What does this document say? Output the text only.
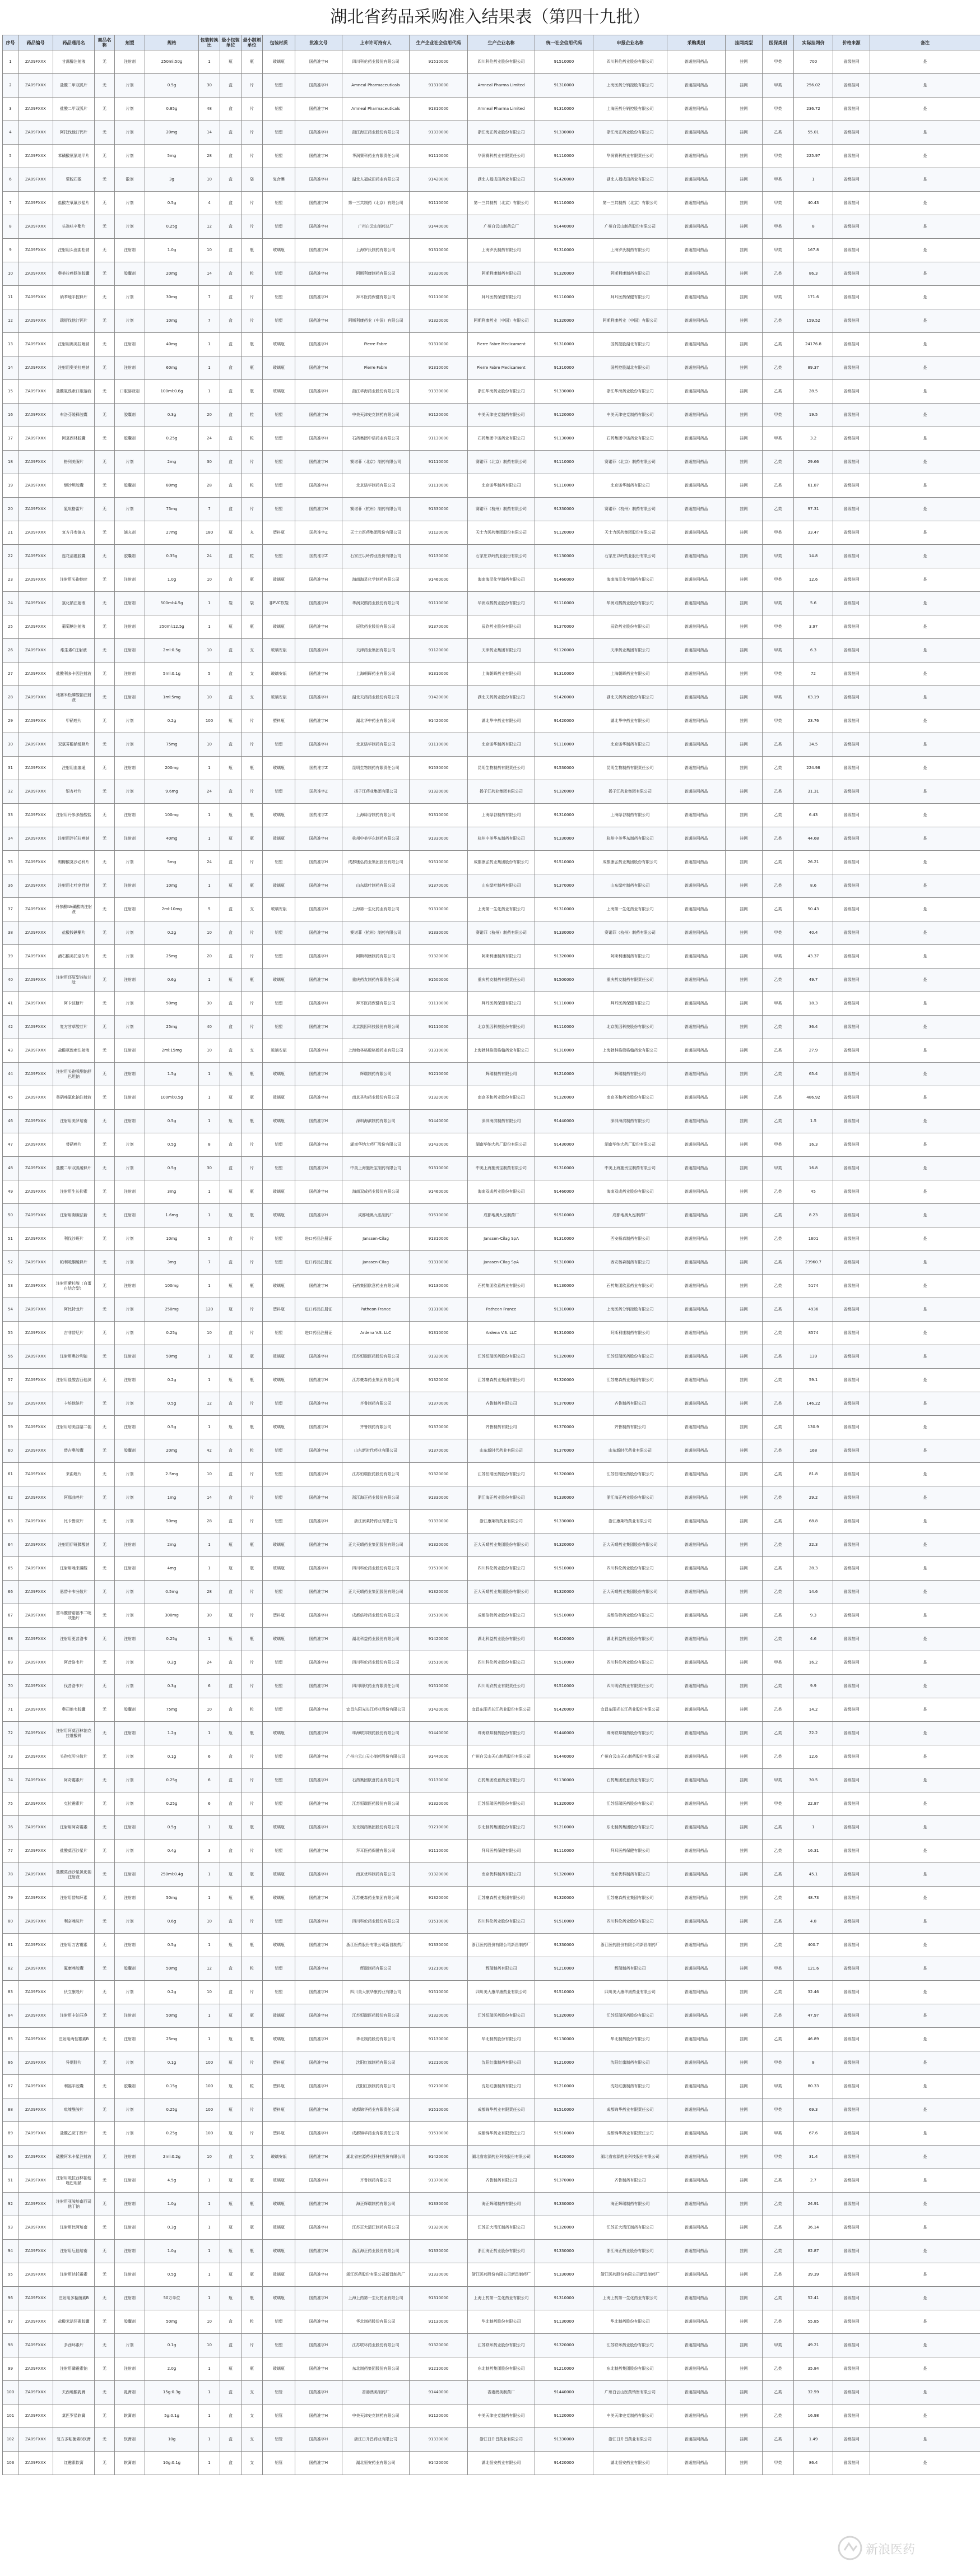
湖北省药品采购准入结果表（第四十九批）
序号	药品编号	药品通用名	商品名称	剂型	规格	包装转换比	最小包装单位	最小制剂单位	包装材质	批准文号	上市许可持有人	生产企业社会信用代码	生产企业名称	统一社会信用代码	申报企业名称	采购类别	挂网类型	医保类别	实际挂网价	价格来源	备注
1	ZA09FXXX	甘露醇注射液	无	注射剂	250ml:50g	1	瓶	瓶	玻璃瓶	国药准字H	四川科伦药业股份有限公司	91510000	四川科伦药业股份有限公司	91510000	四川科伦药业股份有限公司	普通挂网药品	挂网	甲类	700	省级挂网	是
2	ZA09FXXX	盐酸二甲双胍片	无	片剂	0.5g	30	盒	片	铝塑	国药准字H	Amneal Pharmaceuticals	91310000	Amneal Pharma Limited	91310000	上海医药分销控股有限公司	普通挂网药品	挂网	甲类	256.02	省级挂网	是
3	ZA09FXXX	盐酸二甲双胍片	无	片剂	0.85g	48	盒	片	铝塑	国药准字H	Amneal Pharmaceuticals	91310000	Amneal Pharma Limited	91310000	上海医药分销控股有限公司	普通挂网药品	挂网	甲类	236.72	省级挂网	是
4	ZA09FXXX	阿托伐他汀钙片	无	片剂	20mg	14	盒	片	铝塑	国药准字H	浙江海正药业股份有限公司	91330000	浙江海正药业股份有限公司	91330000	浙江海正药业股份有限公司	普通挂网药品	挂网	乙类	55.01	省级挂网	是
5	ZA09FXXX	苯磺酸氨氯地平片	无	片剂	5mg	28	盒	片	铝塑	国药准字H	华润赛科药业有限责任公司	91110000	华润赛科药业有限责任公司	91110000	华润赛科药业有限责任公司	普通挂网药品	挂网	甲类	225.97	省级挂网	是
6	ZA09FXXX	蒙脱石散	无	散剂	3g	10	盒	袋	复合膜	国药准字H	湖北人福成田药业有限公司	91420000	湖北人福成田药业有限公司	91420000	湖北人福成田药业有限公司	普通挂网药品	挂网	甲类	1	省级挂网	是
7	ZA09FXXX	盐酸左氧氟沙星片	无	片剂	0.5g	4	盒	片	铝塑	国药准字H	第一三共制药（北京）有限公司	91110000	第一三共制药（北京）有限公司	91110000	第一三共制药（北京）有限公司	普通挂网药品	挂网	甲类	40.43	省级挂网	是
8	ZA09FXXX	头孢呋辛酯片	无	片剂	0.25g	12	盒	片	铝塑	国药准字H	广州白云山制药总厂	91440000	广州白云山制药总厂	91440000	广州白云山制药股份有限公司	普通挂网药品	挂网	甲类	8	省级挂网	是
9	ZA09FXXX	注射用头孢曲松钠	无	注射剂	1.0g	10	盒	瓶	玻璃瓶	国药准字H	上海罗氏制药有限公司	91310000	上海罗氏制药有限公司	91310000	上海罗氏制药有限公司	普通挂网药品	挂网	甲类	167.8	省级挂网	是
10	ZA09FXXX	奥美拉唑肠溶胶囊	无	胶囊剂	20mg	14	盒	粒	铝塑	国药准字H	阿斯利康制药有限公司	91320000	阿斯利康制药有限公司	91320000	阿斯利康制药有限公司	普通挂网药品	挂网	乙类	86.3	省级挂网	是
11	ZA09FXXX	硝苯地平控释片	无	片剂	30mg	7	盒	片	铝塑	国药准字H	拜耳医药保健有限公司	91110000	拜耳医药保健有限公司	91110000	拜耳医药保健有限公司	普通挂网药品	挂网	甲类	171.6	省级挂网	是
12	ZA09FXXX	瑞舒伐他汀钙片	无	片剂	10mg	7	盒	片	铝塑	国药准字H	阿斯利康药业（中国）有限公司	91320000	阿斯利康药业（中国）有限公司	91320000	阿斯利康药业（中国）有限公司	普通挂网药品	挂网	乙类	159.52	省级挂网	是
13	ZA09FXXX	注射用奥美拉唑钠	无	注射剂	40mg	1	盒	瓶	玻璃瓶	国药准字H	Pierre Fabre	91310000	Pierre Fabre Medicament	91310000	国药控股湖北有限公司	普通挂网药品	挂网	乙类	24176.8	省级挂网	是
14	ZA09FXXX	注射用奥美拉唑钠	无	注射剂	60mg	1	盒	瓶	玻璃瓶	国药准字H	Pierre Fabre	91310000	Pierre Fabre Medicament	91310000	国药控股湖北有限公司	普通挂网药品	挂网	乙类	89.37	省级挂网	是
15	ZA09FXXX	盐酸氨溴索口服溶液	无	口服溶液剂	100ml:0.6g	1	盒	瓶	玻璃瓶	国药准字H	浙江华海药业股份有限公司	91330000	浙江华海药业股份有限公司	91330000	浙江华海药业股份有限公司	普通挂网药品	挂网	乙类	28.5	省级挂网	是
16	ZA09FXXX	布洛芬缓释胶囊	无	胶囊剂	0.3g	20	盒	粒	铝塑	国药准字H	中美天津史克制药有限公司	91120000	中美天津史克制药有限公司	91120000	中美天津史克制药有限公司	普通挂网药品	挂网	甲类	19.5	省级挂网	是
17	ZA09FXXX	阿莫西林胶囊	无	胶囊剂	0.25g	24	盒	粒	铝塑	国药准字H	石药集团中诺药业有限公司	91130000	石药集团中诺药业有限公司	91130000	石药集团中诺药业有限公司	普通挂网药品	挂网	甲类	3.2	省级挂网	是
18	ZA09FXXX	格列美脲片	无	片剂	2mg	30	盒	片	铝塑	国药准字H	赛诺菲（北京）制药有限公司	91110000	赛诺菲（北京）制药有限公司	91110000	赛诺菲（北京）制药有限公司	普通挂网药品	挂网	乙类	29.66	省级挂网	是
19	ZA09FXXX	缬沙坦胶囊	无	胶囊剂	80mg	28	盒	粒	铝塑	国药准字H	北京诺华制药有限公司	91110000	北京诺华制药有限公司	91110000	北京诺华制药有限公司	普通挂网药品	挂网	乙类	61.87	省级挂网	是
20	ZA09FXXX	氯吡格雷片	无	片剂	75mg	7	盒	片	铝塑	国药准字H	赛诺菲（杭州）制药有限公司	91330000	赛诺菲（杭州）制药有限公司	91330000	赛诺菲（杭州）制药有限公司	普通挂网药品	挂网	乙类	97.31	省级挂网	是
21	ZA09FXXX	复方丹参滴丸	无	滴丸剂	27mg	180	瓶	丸	塑料瓶	国药准字Z	天士力医药集团股份有限公司	91120000	天士力医药集团股份有限公司	91120000	天士力医药集团股份有限公司	普通挂网药品	挂网	甲类	33.47	省级挂网	是
22	ZA09FXXX	连花清瘟胶囊	无	胶囊剂	0.35g	24	盒	粒	铝塑	国药准字Z	石家庄以岭药业股份有限公司	91130000	石家庄以岭药业股份有限公司	91130000	石家庄以岭药业股份有限公司	普通挂网药品	挂网	甲类	14.8	省级挂网	是
23	ZA09FXXX	注射用头孢他啶	无	注射剂	1.0g	10	盒	瓶	玻璃瓶	国药准字H	海南海灵化学制药有限公司	91460000	海南海灵化学制药有限公司	91460000	海南海灵化学制药有限公司	普通挂网药品	挂网	甲类	12.6	省级挂网	是
24	ZA09FXXX	氯化钠注射液	无	注射剂	500ml:4.5g	1	袋	袋	非PVC软袋	国药准字H	华润双鹤药业股份有限公司	91110000	华润双鹤药业股份有限公司	91110000	华润双鹤药业股份有限公司	普通挂网药品	挂网	甲类	5.6	省级挂网	是
25	ZA09FXXX	葡萄糖注射液	无	注射剂	250ml:12.5g	1	瓶	瓶	玻璃瓶	国药准字H	辰欣药业股份有限公司	91370000	辰欣药业股份有限公司	91370000	辰欣药业股份有限公司	普通挂网药品	挂网	甲类	3.97	省级挂网	是
26	ZA09FXXX	维生素C注射液	无	注射剂	2ml:0.5g	10	盒	支	玻璃安瓿	国药准字H	天津药业集团有限公司	91120000	天津药业集团有限公司	91120000	天津药业集团有限公司	普通挂网药品	挂网	甲类	6.3	省级挂网	是
27	ZA09FXXX	盐酸利多卡因注射液	无	注射剂	5ml:0.1g	5	盒	支	玻璃安瓿	国药准字H	上海朝晖药业有限公司	91310000	上海朝晖药业有限公司	91310000	上海朝晖药业有限公司	普通挂网药品	挂网	甲类	72	省级挂网	是
28	ZA09FXXX	地塞米松磷酸钠注射液	无	注射剂	1ml:5mg	10	盒	支	玻璃安瓿	国药准字H	湖北天药药业股份有限公司	91420000	湖北天药药业股份有限公司	91420000	湖北天药药业股份有限公司	普通挂网药品	挂网	甲类	63.19	省级挂网	是
29	ZA09FXXX	甲硝唑片	无	片剂	0.2g	100	瓶	片	塑料瓶	国药准字H	湖北华中药业有限公司	91420000	湖北华中药业有限公司	91420000	湖北华中药业有限公司	普通挂网药品	挂网	甲类	23.76	省级挂网	是
30	ZA09FXXX	双氯芬酸钠缓释片	无	片剂	75mg	10	盒	片	铝塑	国药准字H	北京诺华制药有限公司	91110000	北京诺华制药有限公司	91110000	北京诺华制药有限公司	普通挂网药品	挂网	乙类	34.5	省级挂网	是
31	ZA09FXXX	注射用血塞通	无	注射剂	200mg	1	瓶	瓶	玻璃瓶	国药准字Z	昆明生物制药有限责任公司	91530000	昆明生物制药有限责任公司	91530000	昆明生物制药有限责任公司	普通挂网药品	挂网	乙类	224.98	省级挂网	是
32	ZA09FXXX	银杏叶片	无	片剂	9.6mg	24	盒	片	铝塑	国药准字Z	扬子江药业集团有限公司	91320000	扬子江药业集团有限公司	91320000	扬子江药业集团有限公司	普通挂网药品	挂网	乙类	31.31	省级挂网	是
33	ZA09FXXX	注射用丹参多酚酸盐	无	注射剂	100mg	1	瓶	瓶	玻璃瓶	国药准字Z	上海绿谷制药有限公司	91310000	上海绿谷制药有限公司	91310000	上海绿谷制药有限公司	普通挂网药品	挂网	乙类	6.43	省级挂网	是
34	ZA09FXXX	注射用泮托拉唑钠	无	注射剂	40mg	1	瓶	瓶	玻璃瓶	国药准字H	杭州中美华东制药有限公司	91330000	杭州中美华东制药有限公司	91330000	杭州中美华东制药有限公司	普通挂网药品	挂网	乙类	44.68	省级挂网	是
35	ZA09FXXX	枸橼酸莫沙必利片	无	片剂	5mg	24	盒	片	铝塑	国药准字H	成都康弘药业集团股份有限公司	91510000	成都康弘药业集团股份有限公司	91510000	成都康弘药业集团股份有限公司	普通挂网药品	挂网	乙类	26.21	省级挂网	是
36	ZA09FXXX	注射用七叶皂苷钠	无	注射剂	10mg	1	瓶	瓶	玻璃瓶	国药准字H	山东绿叶制药有限公司	91370000	山东绿叶制药有限公司	91370000	山东绿叶制药有限公司	普通挂网药品	挂网	乙类	8.6	省级挂网	是
37	ZA09FXXX	丹参酮IIA磺酸钠注射液	无	注射剂	2ml:10mg	5	盒	支	玻璃安瓿	国药准字H	上海第一生化药业有限公司	91310000	上海第一生化药业有限公司	91310000	上海第一生化药业有限公司	普通挂网药品	挂网	乙类	50.43	省级挂网	是
38	ZA09FXXX	盐酸胺碘酮片	无	片剂	0.2g	10	盒	片	铝塑	国药准字H	赛诺菲（杭州）制药有限公司	91330000	赛诺菲（杭州）制药有限公司	91330000	赛诺菲（杭州）制药有限公司	普通挂网药品	挂网	甲类	40.4	省级挂网	是
39	ZA09FXXX	酒石酸美托洛尔片	无	片剂	25mg	20	盒	片	铝塑	国药准字H	阿斯利康制药有限公司	91320000	阿斯利康制药有限公司	91320000	阿斯利康制药有限公司	普通挂网药品	挂网	甲类	43.37	省级挂网	是
40	ZA09FXXX	注射用还原型谷胱甘肽	无	注射剂	0.6g	1	瓶	瓶	玻璃瓶	国药准字H	重庆药友制药有限责任公司	91500000	重庆药友制药有限责任公司	91500000	重庆药友制药有限责任公司	普通挂网药品	挂网	乙类	49.7	省级挂网	是
41	ZA09FXXX	阿卡波糖片	无	片剂	50mg	30	盒	片	铝塑	国药准字H	拜耳医药保健有限公司	91110000	拜耳医药保健有限公司	91110000	拜耳医药保健有限公司	普通挂网药品	挂网	甲类	18.3	省级挂网	是
42	ZA09FXXX	复方甘草酸苷片	无	片剂	25mg	40	盒	片	铝塑	国药准字H	北京凯因科技股份有限公司	91110000	北京凯因科技股份有限公司	91110000	北京凯因科技股份有限公司	普通挂网药品	挂网	乙类	36.4	省级挂网	是
43	ZA09FXXX	盐酸氨溴索注射液	无	注射剂	2ml:15mg	10	盒	支	玻璃安瓿	国药准字H	上海勃林格殷格翰药业有限公司	91310000	上海勃林格殷格翰药业有限公司	91310000	上海勃林格殷格翰药业有限公司	普通挂网药品	挂网	乙类	27.9	省级挂网	是
44	ZA09FXXX	注射用头孢哌酮钠舒巴坦钠	无	注射剂	1.5g	1	瓶	瓶	玻璃瓶	国药准字H	辉瑞制药有限公司	91210000	辉瑞制药有限公司	91210000	辉瑞制药有限公司	普通挂网药品	挂网	乙类	65.4	省级挂网	是
45	ZA09FXXX	奥硝唑氯化钠注射液	无	注射剂	100ml:0.5g	1	瓶	瓶	玻璃瓶	国药准字H	南京圣和药业股份有限公司	91320000	南京圣和药业股份有限公司	91320000	南京圣和药业股份有限公司	普通挂网药品	挂网	乙类	486.92	省级挂网	是
46	ZA09FXXX	注射用美罗培南	无	注射剂	0.5g	1	瓶	瓶	玻璃瓶	国药准字H	深圳海滨制药有限公司	91440000	深圳海滨制药有限公司	91440000	深圳海滨制药有限公司	普通挂网药品	挂网	乙类	1.5	省级挂网	是
47	ZA09FXXX	替硝唑片	无	片剂	0.5g	8	盒	片	铝塑	国药准字H	湖南华纳大药厂股份有限公司	91430000	湖南华纳大药厂股份有限公司	91430000	湖南华纳大药厂股份有限公司	普通挂网药品	挂网	甲类	16.3	省级挂网	是
48	ZA09FXXX	盐酸二甲双胍缓释片	无	片剂	0.5g	30	盒	片	铝塑	国药准字H	中美上海施贵宝制药有限公司	91310000	中美上海施贵宝制药有限公司	91310000	中美上海施贵宝制药有限公司	普通挂网药品	挂网	甲类	16.8	省级挂网	是
49	ZA09FXXX	注射用生长抑素	无	注射剂	3mg	1	瓶	瓶	玻璃瓶	国药准字H	海南双成药业股份有限公司	91460000	海南双成药业股份有限公司	91460000	海南双成药业股份有限公司	普通挂网药品	挂网	乙类	45	省级挂网	是
50	ZA09FXXX	注射用胸腺法新	无	注射剂	1.6mg	1	瓶	瓶	玻璃瓶	国药准字H	成都地奥九泓制药厂	91510000	成都地奥九泓制药厂	91510000	成都地奥九泓制药厂	普通挂网药品	挂网	乙类	8.23	省级挂网	是
51	ZA09FXXX	利伐沙班片	无	片剂	10mg	5	盒	片	铝塑	进口药品注册证	Janssen-Cilag	91310000	Janssen-Cilag SpA	91310000	西安杨森制药有限公司	普通挂网药品	挂网	乙类	1601	省级挂网	是
52	ZA09FXXX	帕利哌酮缓释片	无	片剂	3mg	7	盒	片	铝塑	进口药品注册证	Janssen-Cilag	91310000	Janssen-Cilag SpA	91310000	西安杨森制药有限公司	普通挂网药品	挂网	乙类	23960.7	省级挂网	是
53	ZA09FXXX	注射用紫杉醇（白蛋白结合型）	无	注射剂	100mg	1	瓶	瓶	玻璃瓶	国药准字H	石药集团欧意药业有限公司	91130000	石药集团欧意药业有限公司	91130000	石药集团欧意药业有限公司	普通挂网药品	挂网	乙类	5174	省级挂网	是
54	ZA09FXXX	阿比特龙片	无	片剂	250mg	120	瓶	片	塑料瓶	进口药品注册证	Patheon France	91310000	Patheon France	91310000	上海医药分销控股有限公司	普通挂网药品	挂网	乙类	4936	省级挂网	是
55	ZA09FXXX	吉非替尼片	无	片剂	0.25g	10	盒	片	铝塑	进口药品注册证	Ardena V.S. LLC	91310000	Ardena V.S. LLC	91310000	阿斯利康制药有限公司	普通挂网药品	挂网	乙类	8574	省级挂网	是
56	ZA09FXXX	注射用奥沙利铂	无	注射剂	50mg	1	瓶	瓶	玻璃瓶	国药准字H	江苏恒瑞医药股份有限公司	91320000	江苏恒瑞医药股份有限公司	91320000	江苏恒瑞医药股份有限公司	普通挂网药品	挂网	乙类	139	省级挂网	是
57	ZA09FXXX	注射用盐酸吉西他滨	无	注射剂	0.2g	1	瓶	瓶	玻璃瓶	国药准字H	江苏豪森药业集团有限公司	91320000	江苏豪森药业集团有限公司	91320000	江苏豪森药业集团有限公司	普通挂网药品	挂网	乙类	59.1	省级挂网	是
58	ZA09FXXX	卡培他滨片	无	片剂	0.5g	12	盒	片	铝塑	国药准字H	齐鲁制药有限公司	91370000	齐鲁制药有限公司	91370000	齐鲁制药有限公司	普通挂网药品	挂网	乙类	146.22	省级挂网	是
59	ZA09FXXX	注射用培美曲塞二钠	无	注射剂	0.5g	1	瓶	瓶	玻璃瓶	国药准字H	齐鲁制药有限公司	91370000	齐鲁制药有限公司	91370000	齐鲁制药有限公司	普通挂网药品	挂网	乙类	130.9	省级挂网	是
60	ZA09FXXX	替吉奥胶囊	无	胶囊剂	20mg	42	盒	粒	铝塑	国药准字H	山东新时代药业有限公司	91370000	山东新时代药业有限公司	91370000	山东新时代药业有限公司	普通挂网药品	挂网	乙类	168	省级挂网	是
61	ZA09FXXX	来曲唑片	无	片剂	2.5mg	10	盒	片	铝塑	国药准字H	江苏恒瑞医药股份有限公司	91320000	江苏恒瑞医药股份有限公司	91320000	江苏恒瑞医药股份有限公司	普通挂网药品	挂网	乙类	81.8	省级挂网	是
62	ZA09FXXX	阿那曲唑片	无	片剂	1mg	14	盒	片	铝塑	国药准字H	浙江海正药业股份有限公司	91330000	浙江海正药业股份有限公司	91330000	浙江海正药业股份有限公司	普通挂网药品	挂网	乙类	29.2	省级挂网	是
63	ZA09FXXX	比卡鲁胺片	无	片剂	50mg	28	盒	片	铝塑	国药准字H	浙江康莱特药业有限公司	91330000	浙江康莱特药业有限公司	91330000	浙江康莱特药业有限公司	普通挂网药品	挂网	乙类	68.8	省级挂网	是
64	ZA09FXXX	注射用伊班膦酸钠	无	注射剂	2mg	1	瓶	瓶	玻璃瓶	国药准字H	正大天晴药业集团股份有限公司	91320000	正大天晴药业集团股份有限公司	91320000	正大天晴药业集团股份有限公司	普通挂网药品	挂网	乙类	22.3	省级挂网	是
65	ZA09FXXX	注射用唑来膦酸	无	注射剂	4mg	1	瓶	瓶	玻璃瓶	国药准字H	四川科伦药业股份有限公司	91510000	四川科伦药业股份有限公司	91510000	四川科伦药业股份有限公司	普通挂网药品	挂网	乙类	28.3	省级挂网	是
66	ZA09FXXX	恩替卡韦分散片	无	片剂	0.5mg	28	盒	片	铝塑	国药准字H	正大天晴药业集团股份有限公司	91320000	正大天晴药业集团股份有限公司	91320000	正大天晴药业集团股份有限公司	普通挂网药品	挂网	乙类	14.6	省级挂网	是
67	ZA09FXXX	富马酸替诺福韦二吡呋酯片	无	片剂	300mg	30	瓶	片	塑料瓶	国药准字H	成都倍特药业股份有限公司	91510000	成都倍特药业股份有限公司	91510000	成都倍特药业股份有限公司	普通挂网药品	挂网	乙类	9.3	省级挂网	是
68	ZA09FXXX	注射用更昔洛韦	无	注射剂	0.25g	1	瓶	瓶	玻璃瓶	国药准字H	湖北科益药业股份有限公司	91420000	湖北科益药业股份有限公司	91420000	湖北科益药业股份有限公司	普通挂网药品	挂网	乙类	4.6	省级挂网	是
69	ZA09FXXX	阿昔洛韦片	无	片剂	0.2g	24	盒	片	铝塑	国药准字H	四川科伦药业股份有限公司	91510000	四川科伦药业股份有限公司	91510000	四川科伦药业股份有限公司	普通挂网药品	挂网	甲类	16.2	省级挂网	是
70	ZA09FXXX	伐昔洛韦片	无	片剂	0.3g	6	盒	片	铝塑	国药准字H	四川明欣药业有限责任公司	91510000	四川明欣药业有限责任公司	91510000	四川明欣药业有限责任公司	普通挂网药品	挂网	乙类	9.9	省级挂网	是
71	ZA09FXXX	奥司他韦胶囊	无	胶囊剂	75mg	10	盒	粒	铝塑	国药准字H	宜昌东阳光长江药业股份有限公司	91420000	宜昌东阳光长江药业股份有限公司	91420000	宜昌东阳光长江药业股份有限公司	普通挂网药品	挂网	乙类	14.2	省级挂网	是
72	ZA09FXXX	注射用阿莫西林钠克拉维酸钾	无	注射剂	1.2g	1	瓶	瓶	玻璃瓶	国药准字H	珠海联邦制药股份有限公司	91440000	珠海联邦制药股份有限公司	91440000	珠海联邦制药股份有限公司	普通挂网药品	挂网	乙类	22.2	省级挂网	是
73	ZA09FXXX	头孢克肟分散片	无	片剂	0.1g	6	盒	片	铝塑	国药准字H	广州白云山天心制药股份有限公司	91440000	广州白云山天心制药股份有限公司	91440000	广州白云山天心制药股份有限公司	普通挂网药品	挂网	乙类	12.6	省级挂网	是
74	ZA09FXXX	阿奇霉素片	无	片剂	0.25g	6	盒	片	铝塑	国药准字H	石药集团欧意药业有限公司	91130000	石药集团欧意药业有限公司	91130000	石药集团欧意药业有限公司	普通挂网药品	挂网	甲类	30.5	省级挂网	是
75	ZA09FXXX	克拉霉素片	无	片剂	0.25g	6	盒	片	铝塑	国药准字H	江苏恒瑞医药股份有限公司	91320000	江苏恒瑞医药股份有限公司	91320000	江苏恒瑞医药股份有限公司	普通挂网药品	挂网	甲类	22.87	省级挂网	是
76	ZA09FXXX	注射用阿奇霉素	无	注射剂	0.5g	1	瓶	瓶	玻璃瓶	国药准字H	东北制药集团股份有限公司	91210000	东北制药集团股份有限公司	91210000	东北制药集团股份有限公司	普通挂网药品	挂网	乙类	1	省级挂网	是
77	ZA09FXXX	盐酸莫西沙星片	无	片剂	0.4g	3	盒	片	铝塑	国药准字H	拜耳医药保健有限公司	91110000	拜耳医药保健有限公司	91110000	拜耳医药保健有限公司	普通挂网药品	挂网	乙类	16.31	省级挂网	是
78	ZA09FXXX	盐酸莫西沙星氯化钠注射液	无	注射剂	250ml:0.4g	1	瓶	瓶	玻璃瓶	国药准字H	南京优科制药有限公司	91320000	南京优科制药有限公司	91320000	南京优科制药有限公司	普通挂网药品	挂网	乙类	45.1	省级挂网	是
79	ZA09FXXX	注射用替加环素	无	注射剂	50mg	1	瓶	瓶	玻璃瓶	国药准字H	江苏豪森药业集团有限公司	91320000	江苏豪森药业集团有限公司	91320000	江苏豪森药业集团有限公司	普通挂网药品	挂网	乙类	48.73	省级挂网	是
80	ZA09FXXX	利奈唑胺片	无	片剂	0.6g	10	盒	片	铝塑	国药准字H	四川科伦药业股份有限公司	91510000	四川科伦药业股份有限公司	91510000	四川科伦药业股份有限公司	普通挂网药品	挂网	乙类	4.8	省级挂网	是
81	ZA09FXXX	注射用万古霉素	无	注射剂	0.5g	1	瓶	瓶	玻璃瓶	国药准字H	浙江医药股份有限公司新昌制药厂	91330000	浙江医药股份有限公司新昌制药厂	91330000	浙江医药股份有限公司新昌制药厂	普通挂网药品	挂网	乙类	400.7	省级挂网	是
82	ZA09FXXX	氟康唑胶囊	无	胶囊剂	50mg	12	盒	粒	铝塑	国药准字H	辉瑞制药有限公司	91210000	辉瑞制药有限公司	91210000	辉瑞制药有限公司	普通挂网药品	挂网	甲类	121.6	省级挂网	是
83	ZA09FXXX	伏立康唑片	无	片剂	0.2g	10	盒	片	铝塑	国药准字H	四川美大康华康药业有限公司	91510000	四川美大康华康药业有限公司	91510000	四川美大康华康药业有限公司	普通挂网药品	挂网	乙类	32.46	省级挂网	是
84	ZA09FXXX	注射用卡泊芬净	无	注射剂	50mg	1	瓶	瓶	玻璃瓶	国药准字H	江苏恒瑞医药股份有限公司	91320000	江苏恒瑞医药股份有限公司	91320000	江苏恒瑞医药股份有限公司	普通挂网药品	挂网	乙类	47.97	省级挂网	是
85	ZA09FXXX	注射用两性霉素B	无	注射剂	25mg	1	瓶	瓶	玻璃瓶	国药准字H	华北制药股份有限公司	91130000	华北制药股份有限公司	91130000	华北制药股份有限公司	普通挂网药品	挂网	乙类	46.89	省级挂网	是
86	ZA09FXXX	异烟肼片	无	片剂	0.1g	100	瓶	片	塑料瓶	国药准字H	沈阳红旗制药有限公司	91210000	沈阳红旗制药有限公司	91210000	沈阳红旗制药有限公司	普通挂网药品	挂网	甲类	8	省级挂网	是
87	ZA09FXXX	利福平胶囊	无	胶囊剂	0.15g	100	瓶	粒	塑料瓶	国药准字H	沈阳红旗制药有限公司	91210000	沈阳红旗制药有限公司	91210000	沈阳红旗制药有限公司	普通挂网药品	挂网	甲类	80.33	省级挂网	是
88	ZA09FXXX	吡嗪酰胺片	无	片剂	0.25g	100	瓶	片	塑料瓶	国药准字H	成都锦华药业有限责任公司	91510000	成都锦华药业有限责任公司	91510000	成都锦华药业有限责任公司	普通挂网药品	挂网	甲类	69.3	省级挂网	是
89	ZA09FXXX	盐酸乙胺丁醇片	无	片剂	0.25g	100	瓶	片	塑料瓶	国药准字H	成都锦华药业有限责任公司	91510000	成都锦华药业有限责任公司	91510000	成都锦华药业有限责任公司	普通挂网药品	挂网	甲类	67.6	省级挂网	是
90	ZA09FXXX	硫酸阿米卡星注射液	无	注射剂	2ml:0.2g	10	盒	支	玻璃安瓿	国药准字H	湖北省宏源药业科技股份有限公司	91420000	湖北省宏源药业科技股份有限公司	91420000	湖北省宏源药业科技股份有限公司	普通挂网药品	挂网	甲类	31.4	省级挂网	是
91	ZA09FXXX	注射用哌拉西林钠他唑巴坦钠	无	注射剂	4.5g	1	瓶	瓶	玻璃瓶	国药准字H	齐鲁制药有限公司	91370000	齐鲁制药有限公司	91370000	齐鲁制药有限公司	普通挂网药品	挂网	乙类	2.7	省级挂网	是
92	ZA09FXXX	注射用亚胺培南西司他丁钠	无	注射剂	1.0g	1	瓶	瓶	玻璃瓶	国药准字H	海正辉瑞制药有限公司	91330000	海正辉瑞制药有限公司	91330000	海正辉瑞制药有限公司	普通挂网药品	挂网	乙类	24.91	省级挂网	是
93	ZA09FXXX	注射用比阿培南	无	注射剂	0.3g	1	瓶	瓶	玻璃瓶	国药准字H	江苏正大清江制药有限公司	91320000	江苏正大清江制药有限公司	91320000	江苏正大清江制药有限公司	普通挂网药品	挂网	乙类	36.14	省级挂网	是
94	ZA09FXXX	注射用厄他培南	无	注射剂	1.0g	1	瓶	瓶	玻璃瓶	国药准字H	浙江海正药业股份有限公司	91330000	浙江海正药业股份有限公司	91330000	浙江海正药业股份有限公司	普通挂网药品	挂网	乙类	82.87	省级挂网	是
95	ZA09FXXX	注射用达托霉素	无	注射剂	0.5g	1	瓶	瓶	玻璃瓶	国药准字H	浙江医药股份有限公司新昌制药厂	91330000	浙江医药股份有限公司新昌制药厂	91330000	浙江医药股份有限公司新昌制药厂	普通挂网药品	挂网	乙类	39.39	省级挂网	是
96	ZA09FXXX	注射用多黏菌素B	无	注射剂	50万单位	1	瓶	瓶	玻璃瓶	国药准字H	上海上药第一生化药业有限公司	91310000	上海上药第一生化药业有限公司	91310000	上海上药第一生化药业有限公司	普通挂网药品	挂网	乙类	52.41	省级挂网	是
97	ZA09FXXX	盐酸米诺环素胶囊	无	胶囊剂	50mg	10	盒	粒	铝塑	国药准字H	华北制药股份有限公司	91130000	华北制药股份有限公司	91130000	华北制药股份有限公司	普通挂网药品	挂网	乙类	55.85	省级挂网	是
98	ZA09FXXX	多西环素片	无	片剂	0.1g	10	盒	片	铝塑	国药准字H	江苏联环药业股份有限公司	91320000	江苏联环药业股份有限公司	91320000	江苏联环药业股份有限公司	普通挂网药品	挂网	甲类	49.21	省级挂网	是
99	ZA09FXXX	注射用磷霉素钠	无	注射剂	2.0g	1	瓶	瓶	玻璃瓶	国药准字H	东北制药集团股份有限公司	91210000	东北制药集团股份有限公司	91210000	东北制药集团股份有限公司	普通挂网药品	挂网	乙类	35.84	省级挂网	是
100	ZA09FXXX	夫西地酸乳膏	无	乳膏剂	15g:0.3g	1	盒	支	铝管	国药准字H	香港澳美制药厂	91440000	香港澳美制药厂	91440000	广州白云山医药销售有限公司	普通挂网药品	挂网	乙类	32.59	省级挂网	是
101	ZA09FXXX	莫匹罗星软膏	无	软膏剂	5g:0.1g	1	盒	支	铝管	国药准字H	中美天津史克制药有限公司	91120000	中美天津史克制药有限公司	91120000	中美天津史克制药有限公司	普通挂网药品	挂网	乙类	16.98	省级挂网	是
102	ZA09FXXX	复方多粘菌素B软膏	无	软膏剂	10g	1	盒	支	铝管	国药准字H	浙江日升昌药业有限公司	91330000	浙江日升昌药业有限公司	91330000	浙江日升昌药业有限公司	普通挂网药品	挂网	乙类	1.49	省级挂网	是
103	ZA09FXXX	红霉素软膏	无	软膏剂	10g:0.1g	1	盒	支	铝管	国药准字H	湖北恒安药业有限公司	91420000	湖北恒安药业有限公司	91420000	湖北恒安药业有限公司	普通挂网药品	挂网	甲类	86.4	省级挂网	是
新浪医药
